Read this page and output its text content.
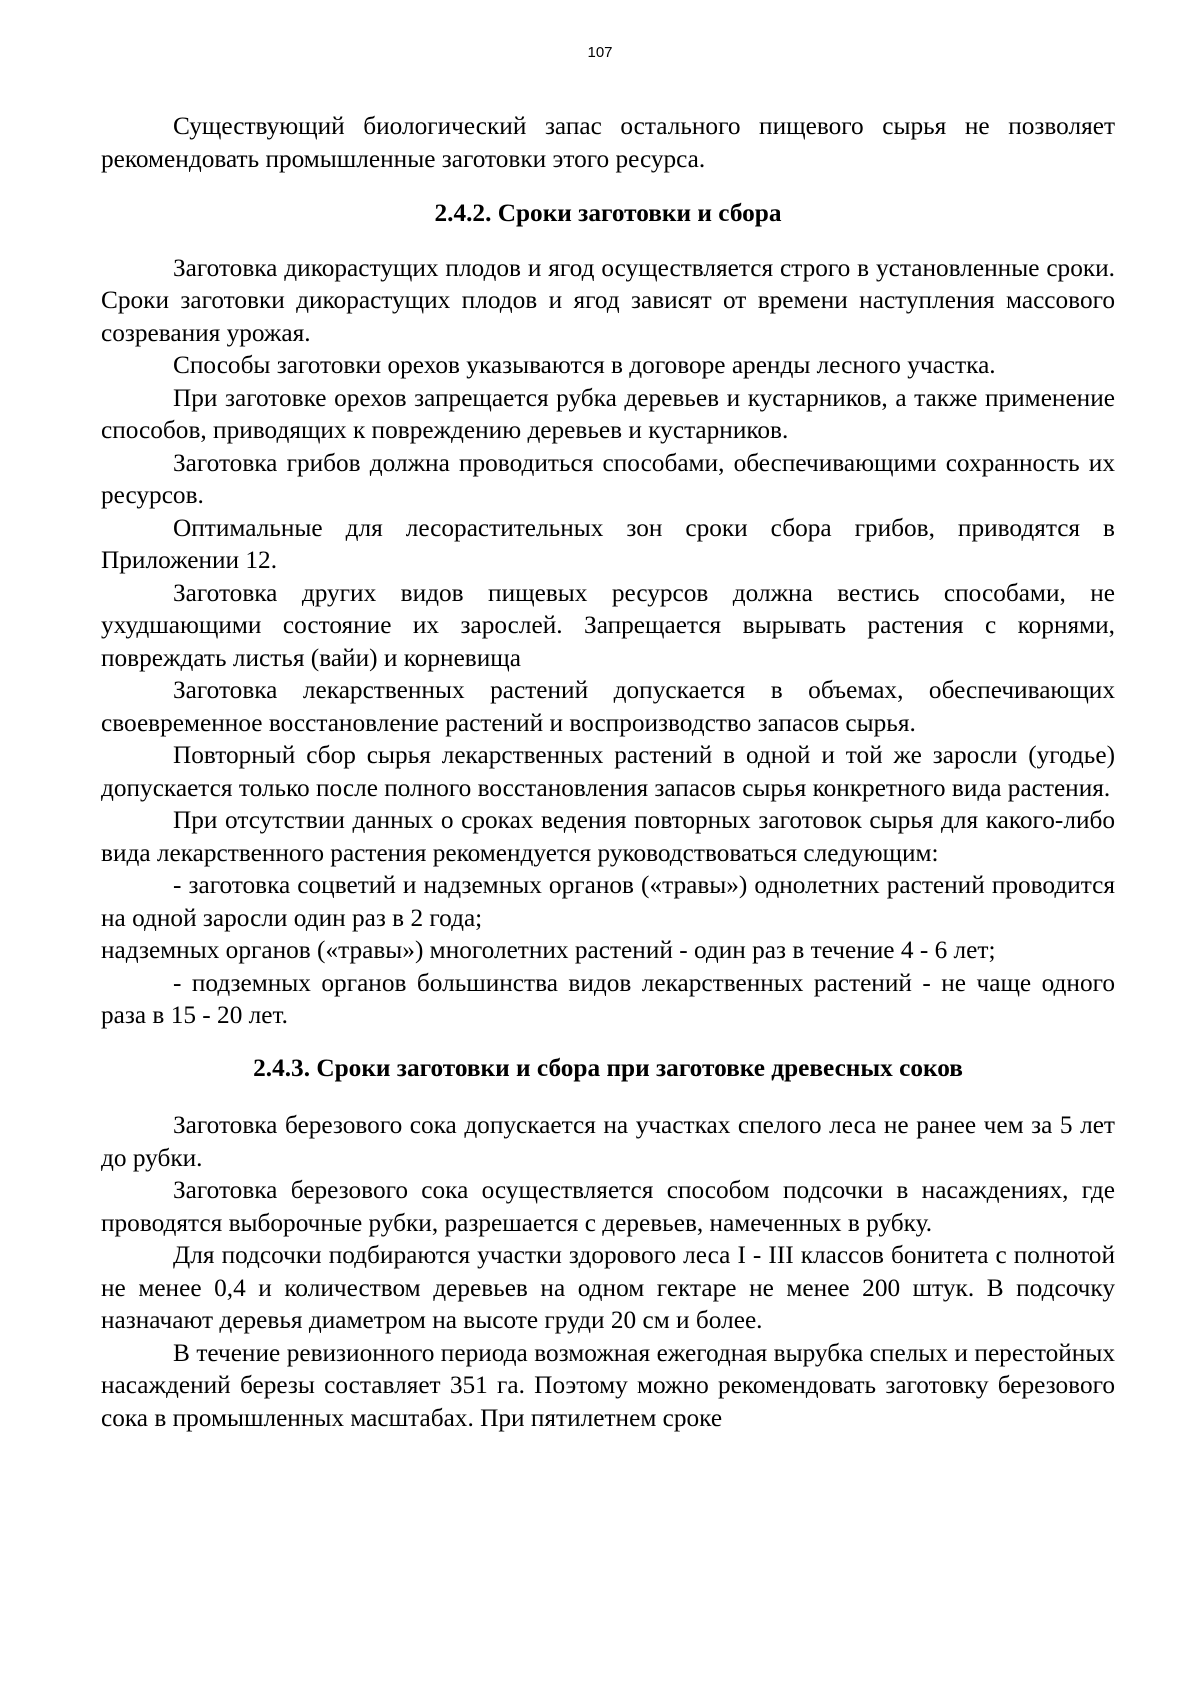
107

Существующий биологический запас остального пищевого сырья не позволяет рекомендовать промышленные заготовки этого ресурса.

2.4.2. Сроки заготовки и сбора

Заготовка дикорастущих плодов и ягод осуществляется строго в установленные сроки. Сроки заготовки дикорастущих плодов и ягод зависят от времени наступления массового созревания урожая.

Способы заготовки орехов указываются в договоре аренды лесного участка.

При заготовке орехов запрещается рубка деревьев и кустарников, а также применение способов, приводящих к повреждению деревьев и кустарников.

Заготовка грибов должна проводиться способами, обеспечивающими сохранность их ресурсов.

Оптимальные для лесорастительных зон сроки сбора грибов, приводятся в Приложении 12.

Заготовка других видов пищевых ресурсов должна вестись способами, не ухудшающими состояние их зарослей. Запрещается вырывать растения с корнями, повреждать листья (вайи) и корневища

Заготовка лекарственных растений допускается в объемах, обеспечивающих своевременное восстановление растений и воспроизводство запасов сырья.

Повторный сбор сырья лекарственных растений в одной и той же заросли (угодье) допускается только после полного восстановления запасов сырья конкретного вида растения.

При отсутствии данных о сроках ведения повторных заготовок сырья для какого-либо вида лекарственного растения рекомендуется руководствоваться следующим:

- заготовка соцветий и надземных органов («травы») однолетних растений проводится на одной заросли один раз в 2 года;

надземных органов («травы») многолетних растений - один раз в течение 4 - 6 лет;

- подземных органов большинства видов лекарственных растений - не чаще одного раза в 15 - 20 лет.

2.4.3. Сроки заготовки и сбора при заготовке древесных соков

Заготовка березового сока допускается на участках спелого леса не ранее чем за 5 лет до рубки.

Заготовка березового сока осуществляется способом подсочки в насаждениях, где проводятся выборочные рубки, разрешается с деревьев, намеченных в рубку.

Для подсочки подбираются участки здорового леса I - III классов бонитета с полнотой не менее 0,4 и количеством деревьев на одном гектаре не менее 200 штук. В подсочку назначают деревья диаметром на высоте груди 20 см и более.

В течение ревизионного периода возможная ежегодная вырубка спелых и перестойных насаждений березы составляет 351 га. Поэтому можно рекомендовать заготовку березового сока в промышленных масштабах. При пятилетнем сроке
